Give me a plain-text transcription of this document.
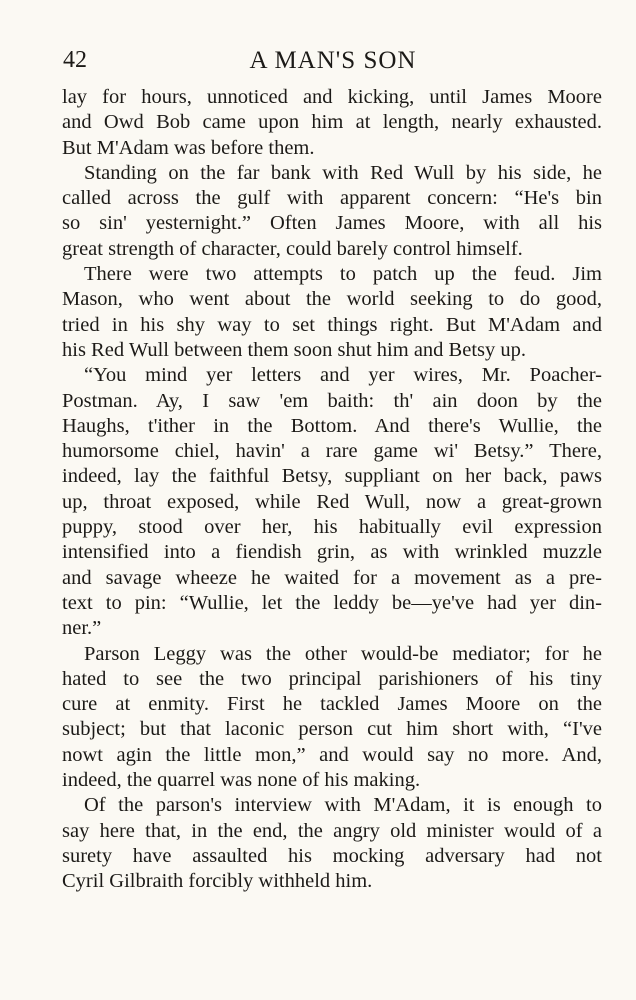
42	A MAN'S SON
lay for hours, unnoticed and kicking, until James Moore
and Owd Bob came upon him at length, nearly exhausted.
But M'Adam was before them.
Standing on the far bank with Red Wull by his side, he
called across the gulf with apparent concern: “He's bin
so sin' yesternight.” Often James Moore, with all his
great strength of character, could barely control himself.
There were two attempts to patch up the feud. Jim
Mason, who went about the world seeking to do good,
tried in his shy way to set things right. But M'Adam and
his Red Wull between them soon shut him and Betsy up.
“You mind yer letters and yer wires, Mr. Poacher-
Postman. Ay, I saw 'em baith: th' ain doon by the
Haughs, t'ither in the Bottom. And there's Wullie, the
humorsome chiel, havin' a rare game wi' Betsy.” There,
indeed, lay the faithful Betsy, suppliant on her back, paws
up, throat exposed, while Red Wull, now a great-grown
puppy, stood over her, his habitually evil expression
intensified into a fiendish grin, as with wrinkled muzzle
and savage wheeze he waited for a movement as a pre-
text to pin: “Wullie, let the leddy be—ye've had yer din-
ner.”
Parson Leggy was the other would-be mediator; for he
hated to see the two principal parishioners of his tiny
cure at enmity. First he tackled James Moore on the
subject; but that laconic person cut him short with, “I've
nowt agin the little mon,” and would say no more. And,
indeed, the quarrel was none of his making.
Of the parson's interview with M'Adam, it is enough to
say here that, in the end, the angry old minister would of a
surety have assaulted his mocking adversary had not
Cyril Gilbraith forcibly withheld him.
